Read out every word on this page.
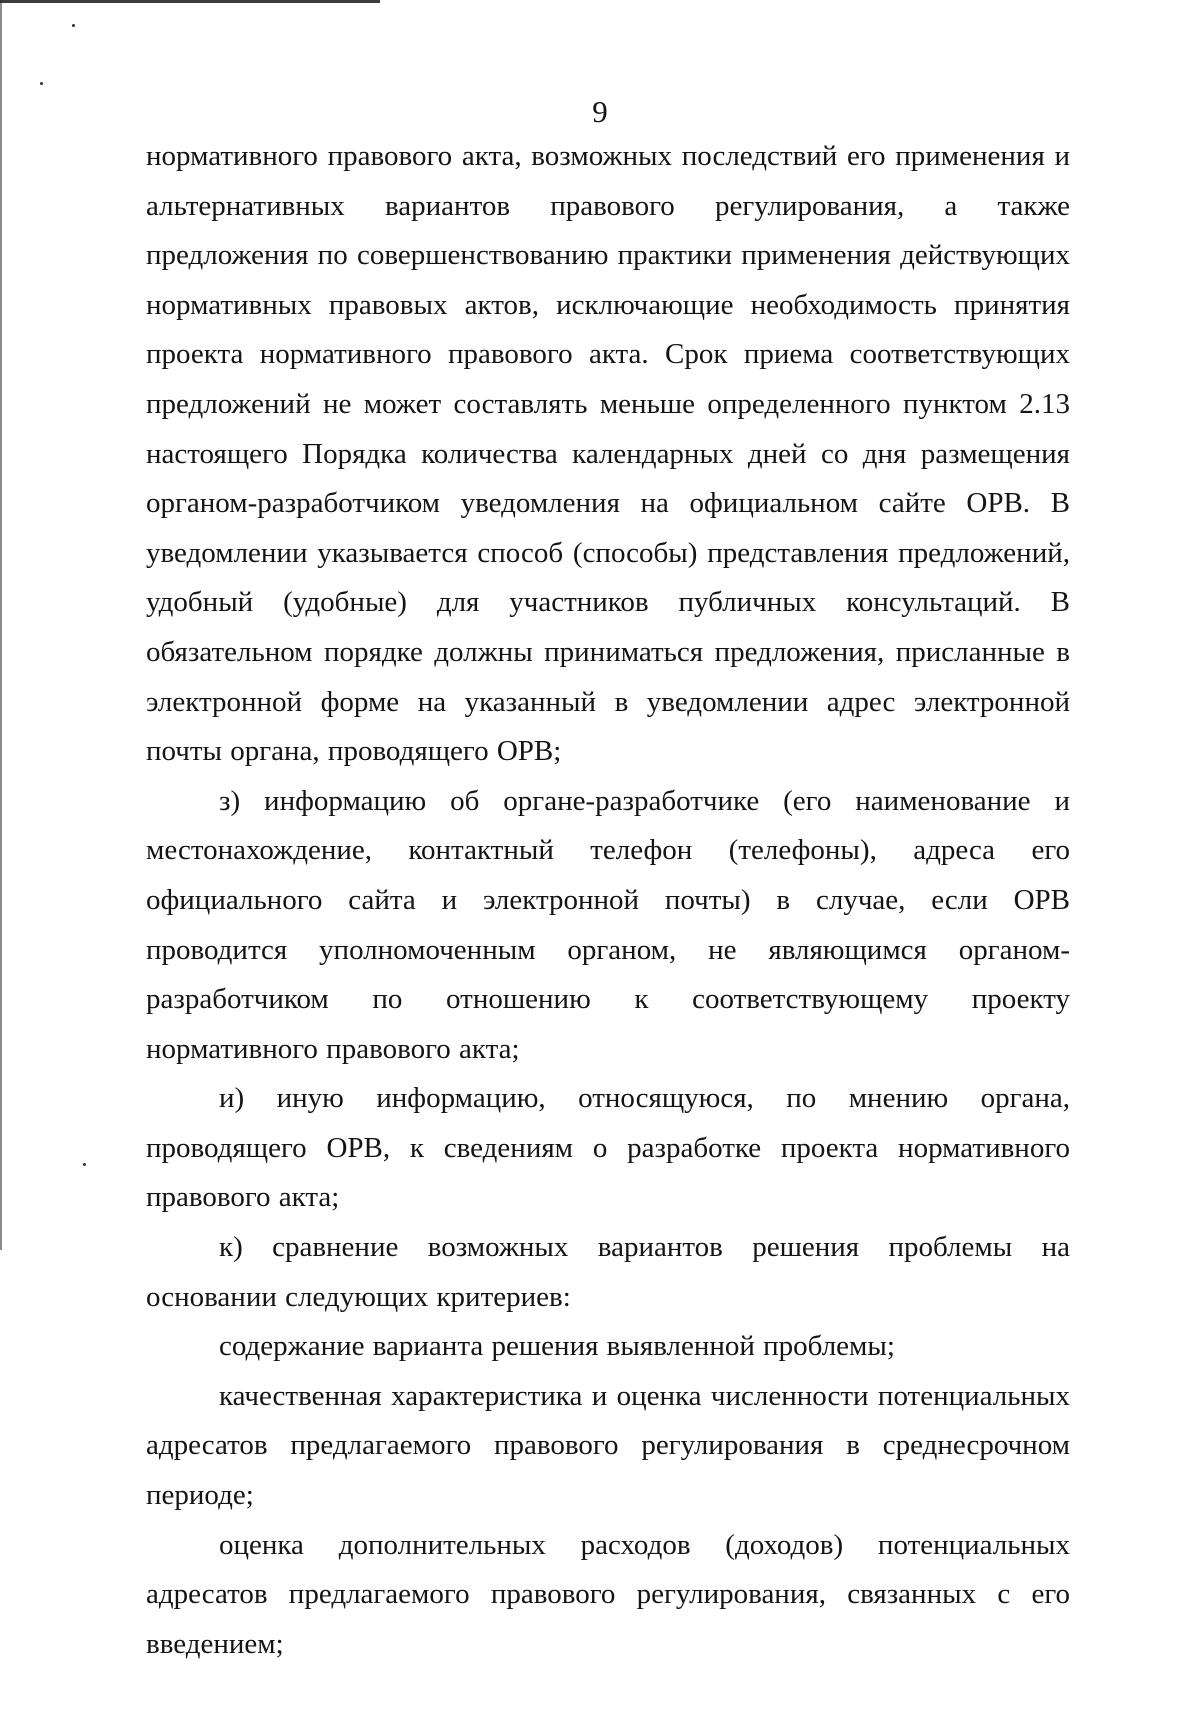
9

нормативного правового акта, возможных последствий его применения и альтернативных вариантов правового регулирования, а также предложения по совершенствованию практики применения действующих нормативных правовых актов, исключающие необходимость принятия проекта нормативного правового акта. Срок приема соответствующих предложений не может составлять меньше определенного пунктом 2.13 настоящего Порядка количества календарных дней со дня размещения органом-разработчиком уведомления на официальном сайте ОРВ. В уведомлении указывается способ (способы) представления предложений, удобный (удобные) для участников публичных консультаций. В обязательном порядке должны приниматься предложения, присланные в электронной форме на указанный в уведомлении адрес электронной почты органа, проводящего ОРВ;

з) информацию об органе-разработчике (его наименование и местонахождение, контактный телефон (телефоны), адреса его официального сайта и электронной почты) в случае, если ОРВ проводится уполномоченным органом, не являющимся органом-разработчиком по отношению к соответствующему проекту нормативного правового акта;

и) иную информацию, относящуюся, по мнению органа, проводящего ОРВ, к сведениям о разработке проекта нормативного правового акта;

к) сравнение возможных вариантов решения проблемы на основании следующих критериев:

содержание варианта решения выявленной проблемы;

качественная характеристика и оценка численности потенциальных адресатов предлагаемого правового регулирования в среднесрочном периоде;

оценка дополнительных расходов (доходов) потенциальных адресатов предлагаемого правового регулирования, связанных с его введением;
